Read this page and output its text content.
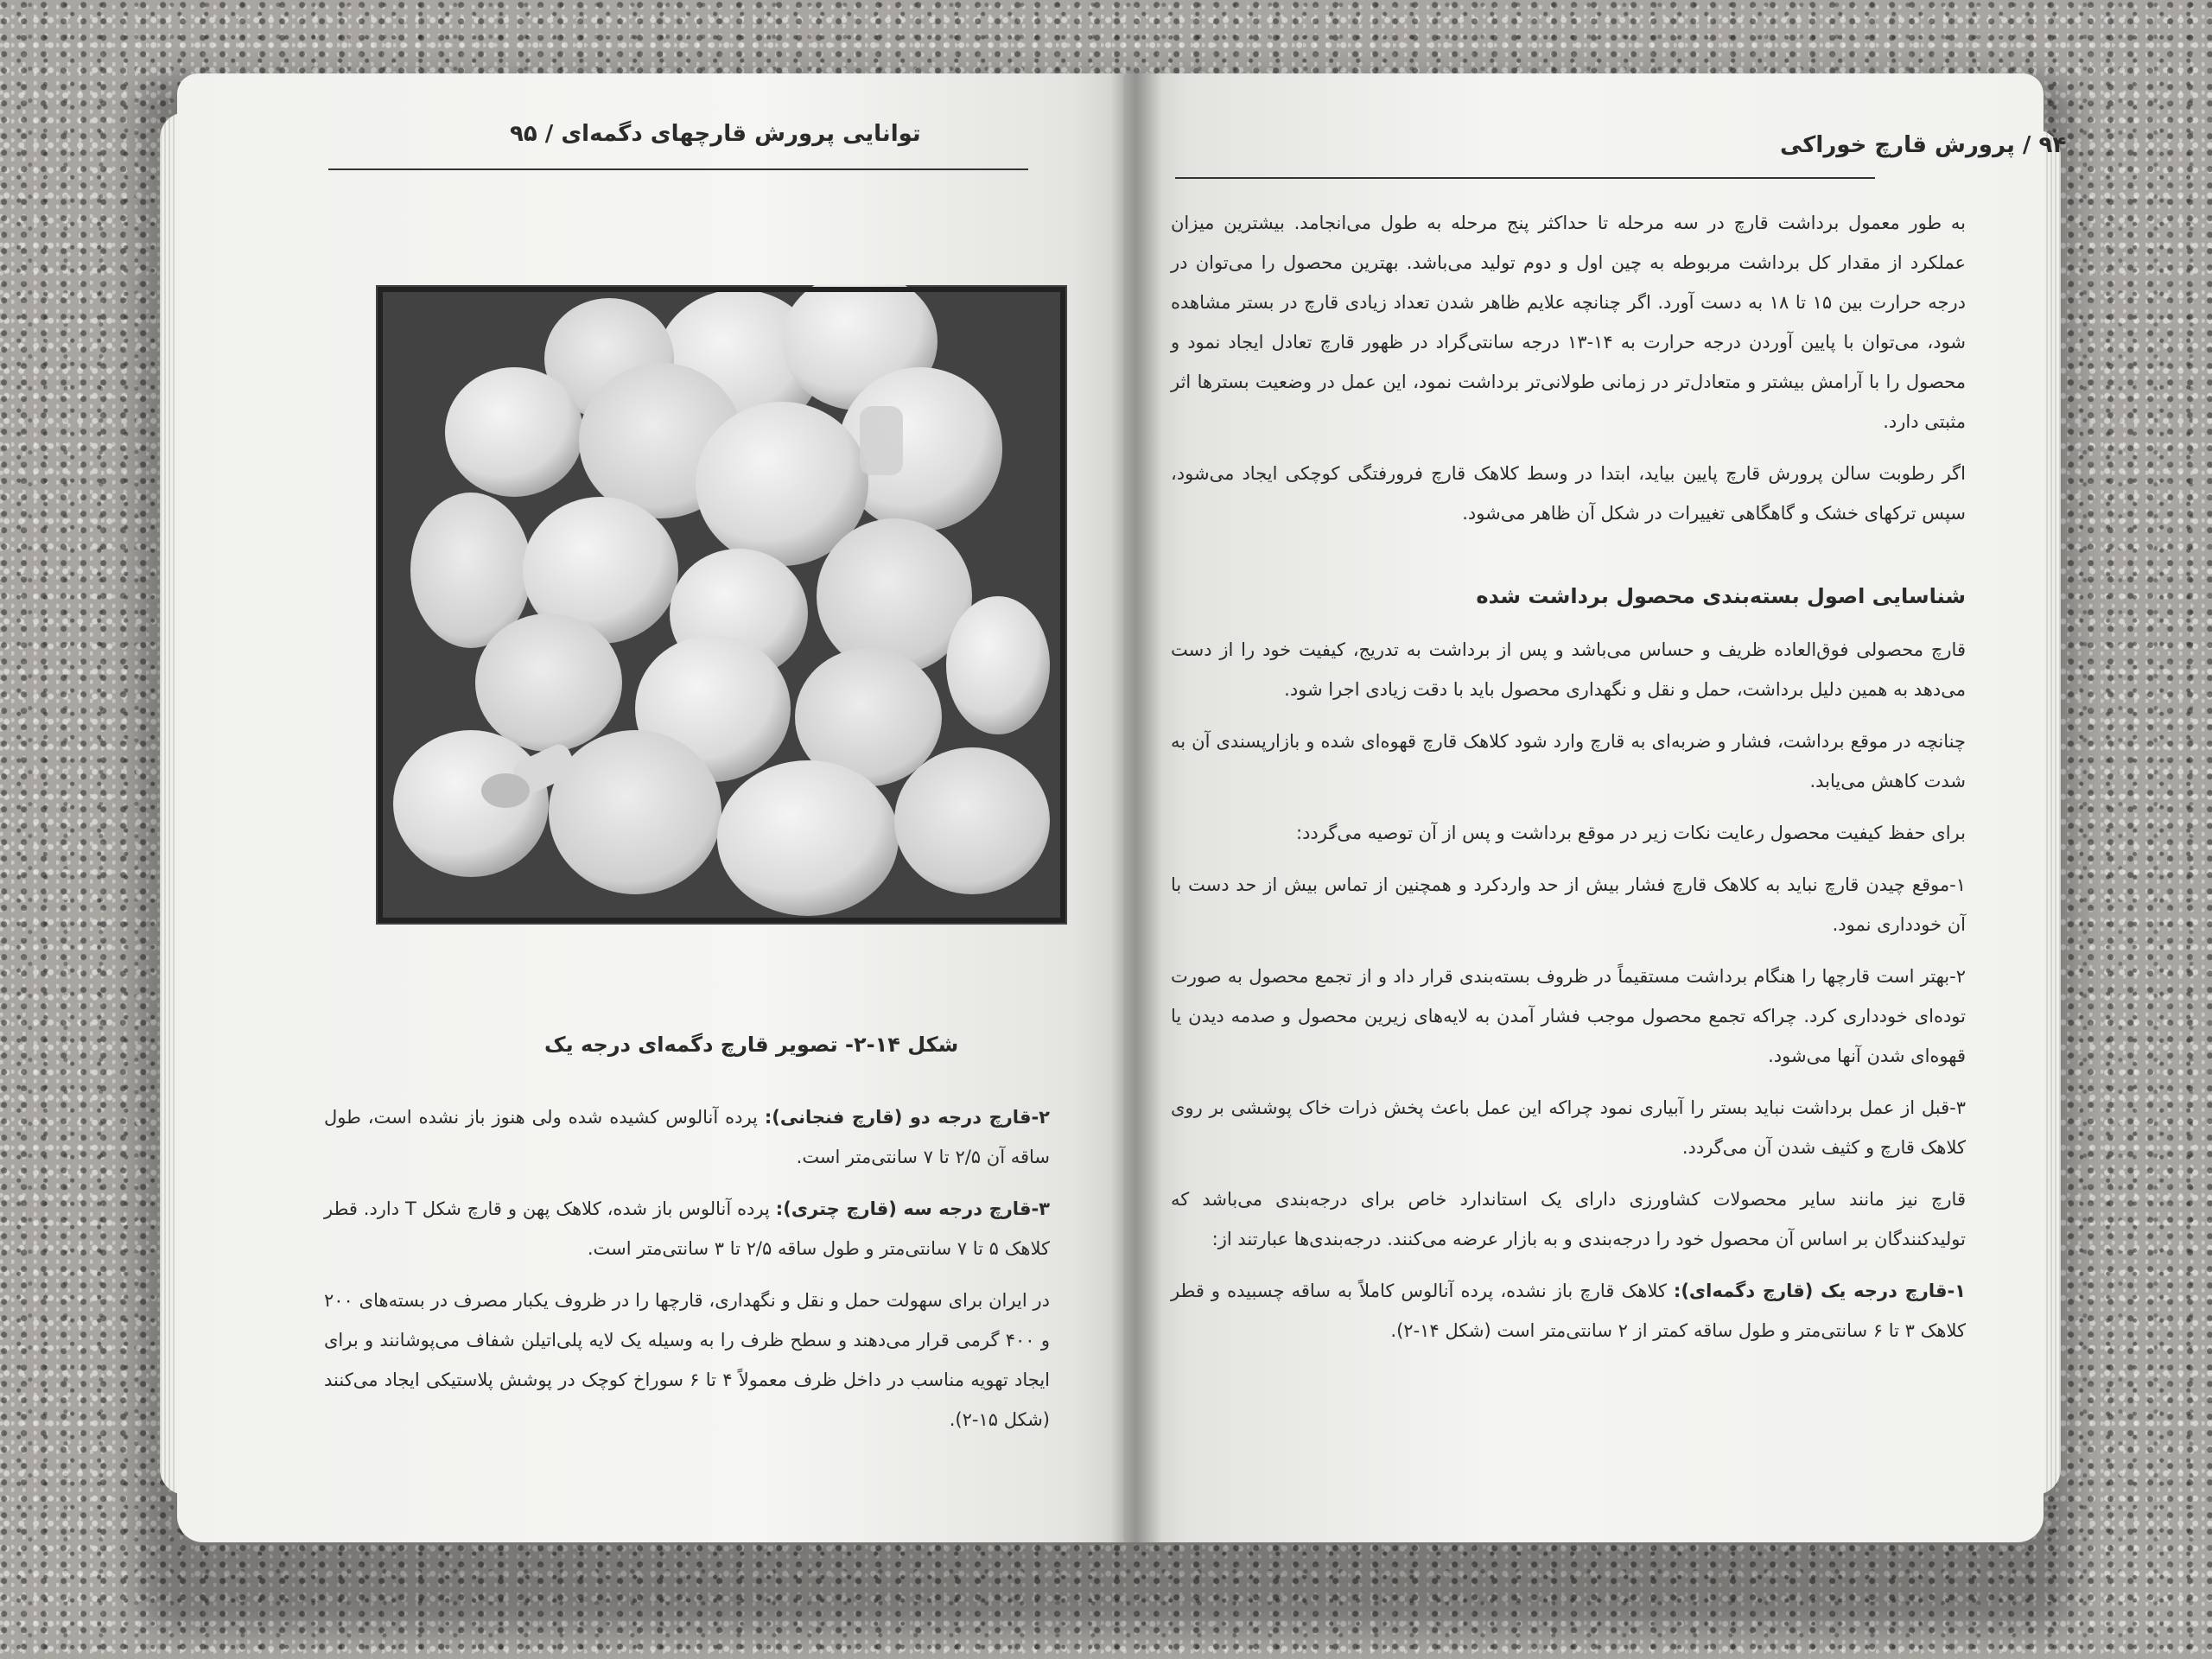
توانایی پرورش قارچهای دگمه‌ای / ۹۵
شکل ۱۴-۲- تصویر قارچ دگمه‌ای درجه یک

۲-قارچ درجه دو (قارچ فنجانی): پرده آنالوس کشیده شده ولی هنوز باز نشده است، طول ساقه آن ۲/۵ تا ۷ سانتی‌متر است.

۳-قارچ درجه سه (قارچ چتری): پرده آنالوس باز شده، کلاهک پهن و قارچ شکل T دارد. قطر کلاهک ۵ تا ۷ سانتی‌متر و طول ساقه ۲/۵ تا ۳ سانتی‌متر است.

در ایران برای سهولت حمل و نقل و نگهداری، قارچها را در ظروف یکبار مصرف در بسته‌های ۲۰۰ و ۴۰۰ گرمی قرار می‌دهند و سطح ظرف را به وسیله یک لایه پلی‌اتیلن شفاف می‌پوشانند و برای ایجاد تهویه مناسب در داخل ظرف معمولاً ۴ تا ۶ سوراخ کوچک در پوشش پلاستیکی ایجاد می‌کنند (شکل ۱۵-۲).

۹۴ / پرورش قارچ خوراکی

به طور معمول برداشت قارچ در سه مرحله تا حداکثر پنج مرحله به طول می‌انجامد. بیشترین میزان عملکرد از مقدار کل برداشت مربوطه به چین اول و دوم تولید می‌باشد. بهترین محصول را می‌توان در درجه حرارت بین ۱۵ تا ۱۸ به دست آورد. اگر چنانچه علایم ظاهر شدن تعداد زیادی قارچ در بستر مشاهده شود، می‌توان با پایین آوردن درجه حرارت به ۱۴-۱۳ درجه سانتی‌گراد در ظهور قارچ تعادل ایجاد نمود و محصول را با آرامش بیشتر و متعادل‌تر در زمانی طولانی‌تر برداشت نمود، این عمل در وضعیت بسترها اثر مثبتی دارد.

اگر رطوبت سالن پرورش قارچ پایین بیاید، ابتدا در وسط کلاهک قارچ فرورفتگی کوچکی ایجاد می‌شود، سپس ترکهای خشک و گاهگاهی تغییرات در شکل آن ظاهر می‌شود.

شناسایی اصول بسته‌بندی محصول برداشت شده

قارچ محصولی فوق‌العاده ظریف و حساس می‌باشد و پس از برداشت به تدریج، کیفیت خود را از دست می‌دهد به همین دلیل برداشت، حمل و نقل و نگهداری محصول باید با دقت زیادی اجرا شود.

چنانچه در موقع برداشت، فشار و ضربه‌ای به قارچ وارد شود کلاهک قارچ قهوه‌ای شده و بازارپسندی آن به شدت کاهش می‌یابد.

برای حفظ کیفیت محصول رعایت نکات زیر در موقع برداشت و پس از آن توصیه می‌گردد:

۱-موقع چیدن قارچ نباید به کلاهک قارچ فشار بیش از حد واردکرد و همچنین از تماس بیش از حد دست با آن خودداری نمود.

۲-بهتر است قارچها را هنگام برداشت مستقیماً در ظروف بسته‌بندی قرار داد و از تجمع محصول به صورت توده‌ای خودداری کرد. چراکه تجمع محصول موجب فشار آمدن به لایه‌های زیرین محصول و صدمه دیدن یا قهوه‌ای شدن آنها می‌شود.

۳-قبل از عمل برداشت نباید بستر را آبیاری نمود چراکه این عمل باعث پخش ذرات خاک پوششی بر روی کلاهک قارچ و کثیف شدن آن می‌گردد.

قارچ نیز مانند سایر محصولات کشاورزی دارای یک استاندارد خاص برای درجه‌بندی می‌باشد که تولیدکنندگان بر اساس آن محصول خود را درجه‌بندی و به بازار عرضه می‌کنند. درجه‌بندی‌ها عبارتند از:

۱-قارچ درجه یک (قارچ دگمه‌ای): کلاهک قارچ باز نشده، پرده آنالوس کاملاً به ساقه چسبیده و قطر کلاهک ۳ تا ۶ سانتی‌متر و طول ساقه کمتر از ۲ سانتی‌متر است (شکل ۱۴-۲).
